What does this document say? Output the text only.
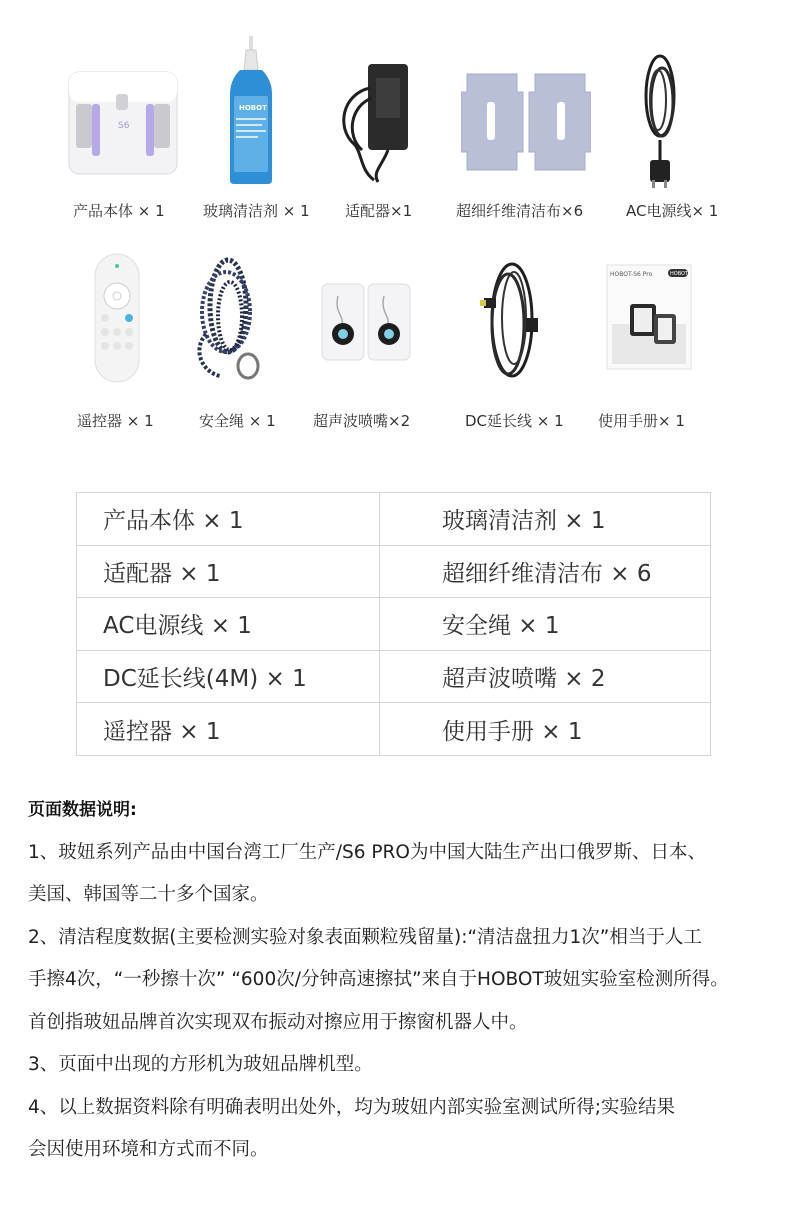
S6
产品本体 × 1
HOBOT
玻璃清洁剂 × 1 适配器×1	超细纤维清洁布×6	AC电源线× 1
遥控器 × 1	安全绳 × 1 超声波喷嘴×2	DC延长线 × 1
HOBOT-S6 Pro	HOBOT
使用手册× 1
产品本体 × 1	玻璃清洁剂 × 1
适配器 × 1	超细纤维清洁布 × 6
AC电源线 × 1	安全绳 × 1
DC延长线(4M) × 1	超声波喷嘴 × 2
遥控器 × 1	使用手册 × 1
页面数据说明:
1、玻妞系列产品由中国台湾工厂生产/S6 PRO为中国大陆生产出口俄罗斯、日本、
美国、韩国等二十多个国家。
2、清洁程度数据(主要检测实验对象表面颗粒残留量):“清洁盘扭力1次”相当于人工
手擦4次，“一秒擦十次” “600次/分钟高速擦拭”来自于HOBOT玻妞实验室检测所得。
首创指玻妞品牌首次实现双布振动对擦应用于擦窗机器人中。
3、页面中出现的方形机为玻妞品牌机型。
4、以上数据资料除有明确表明出处外，均为玻妞内部实验室测试所得;实验结果
会因使用环境和方式而不同。
